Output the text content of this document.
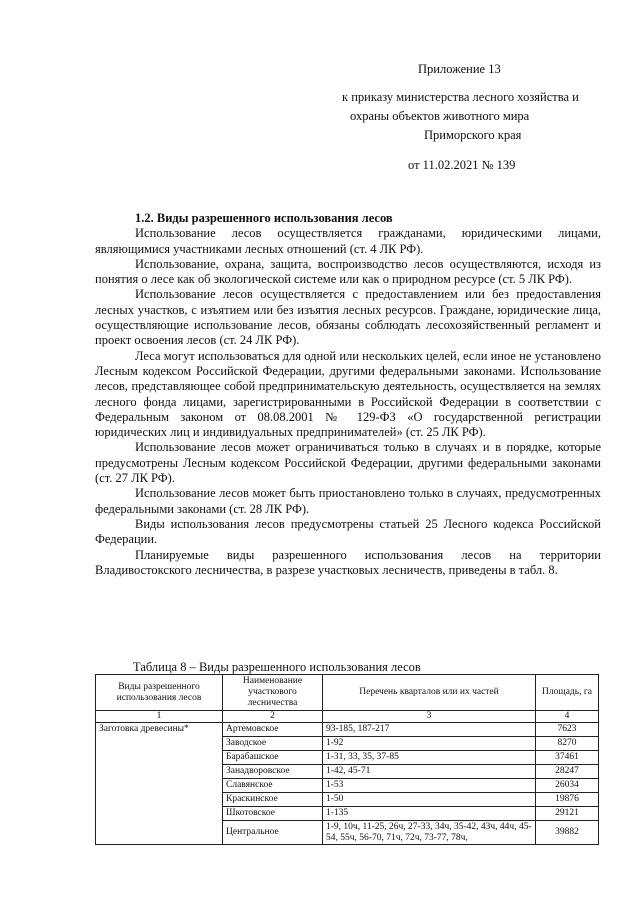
Приложение 13
к приказу министерства лесного хозяйства и
охраны объектов животного мира
Приморского края
от 11.02.2021 № 139

1.2. Виды разрешенного использования лесов

Использование лесов осуществляется гражданами, юридическими лицами, являющимися участниками лесных отношений (ст. 4 ЛК РФ).

Использование, охрана, защита, воспроизводство лесов осуществляются, исходя из понятия о лесе как об экологической системе или как о природном ресурсе (ст. 5 ЛК РФ).

Использование лесов осуществляется с предоставлением или без предоставления лесных участков, с изъятием или без изъятия лесных ресурсов. Граждане, юридические лица, осуществляющие использование лесов, обязаны соблюдать лесохозяйственный регламент и проект освоения лесов (ст. 24 ЛК РФ).

Леса могут использоваться для одной или нескольких целей, если иное не установлено Лесным кодексом Российской Федерации, другими федеральными законами. Использование лесов, представляющее собой предпринимательскую деятельность, осуществляется на землях лесного фонда лицами, зарегистрированными в Российской Федерации в соответствии с Федеральным законом от 08.08.2001 № 129-ФЗ «О государственной регистрации юридических лиц и индивидуальных предпринимателей» (ст. 25 ЛК РФ).

Использование лесов может ограничиваться только в случаях и в порядке, которые предусмотрены Лесным кодексом Российской Федерации, другими федеральными законами (ст. 27 ЛК РФ).

Использование лесов может быть приостановлено только в случаях, предусмотренных федеральными законами (ст. 28 ЛК РФ).

Виды использования лесов предусмотрены статьей 25 Лесного кодекса Российской Федерации.

Планируемые виды разрешенного использования лесов на территории Владивостокского лесничества, в разрезе участковых лесничеств, приведены в табл. 8.

Таблица 8 – Виды разрешенного использования лесов
Виды разрешенного использования лесов	Наименование участкового лесничества	Перечень кварталов или их частей	Площадь, га
1	2	3	4
Заготовка древесины*	Артемовское	93-185, 187-217	7623
	Заводское	1-92	8270
	Барабашское	1-31, 33, 35, 37-85	37461
	Занадворовское	1-42, 45-71	28247
	Славянское	1-53	26034
	Краскинское	1-50	19876
	Шкотовское	1-135	29121
	Центральное	1-9, 10ч, 11-25, 26ч, 27-33, 34ч, 35-42, 43ч, 44ч, 45-54, 55ч, 56-70, 71ч, 72ч, 73-77, 78ч,	39882
